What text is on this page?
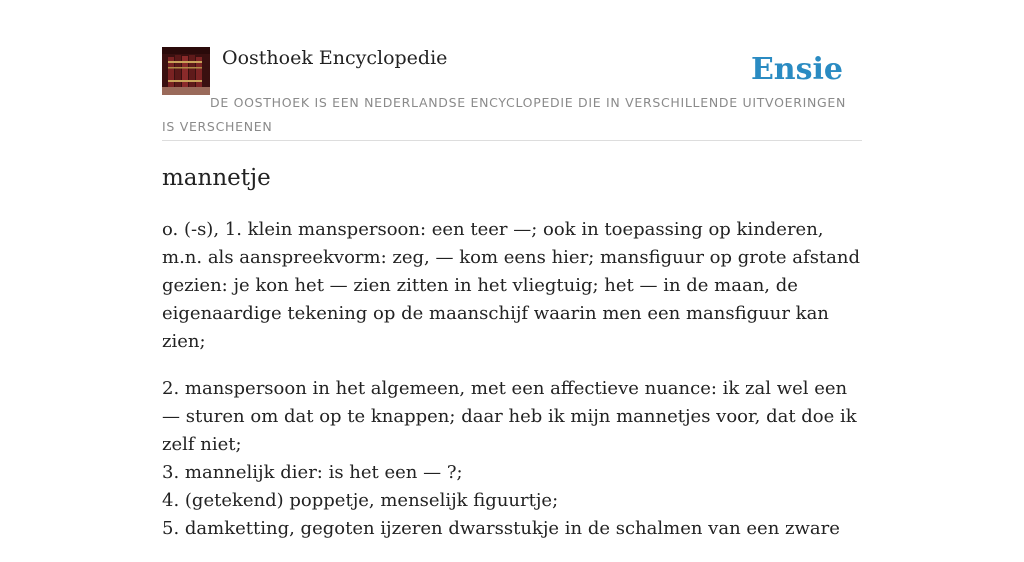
Oosthoek Encyclopedie	Ensie
DE OOSTHOEK IS EEN NEDERLANDSE ENCYCLOPEDIE DIE IN VERSCHILLENDE UITVOERINGEN IS VERSCHENEN
mannetje

o. (-s), 1. klein manspersoon: een teer —; ook in toepassing op kinderen, m.n. als aanspreekvorm: zeg, — kom eens hier; mansfiguur op grote afstand gezien: je kon het — zien zitten in het vliegtuig; het — in de maan, de eigenaardige tekening op de maanschijf waarin men een mansfiguur kan zien;

2. manspersoon in het algemeen, met een affectieve nuance: ik zal wel een — sturen om dat op te knappen; daar heb ik mijn mannetjes voor, dat doe ik zelf niet;
3. mannelijk dier: is het een — ?;
4. (getekend) poppetje, menselijk figuurtje;
5. damketting, gegoten ijzeren dwarsstukje in de schalmen van een zware
